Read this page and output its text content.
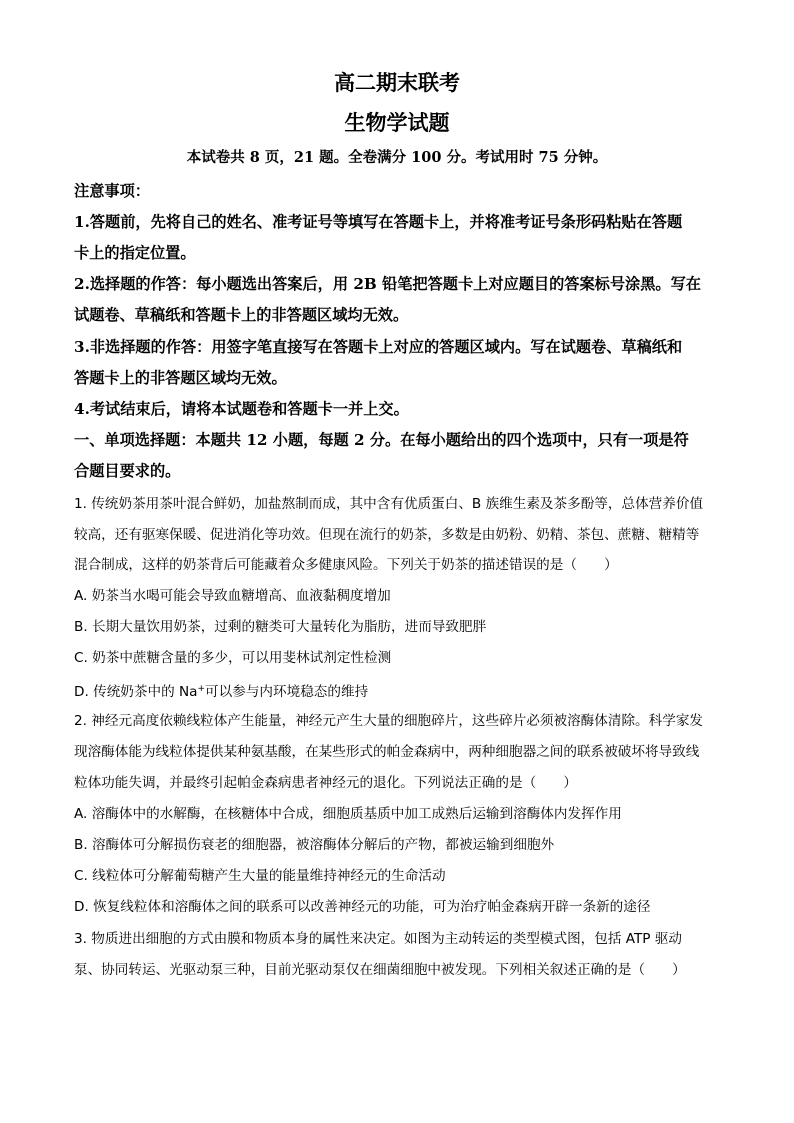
高二期末联考
生物学试题
本试卷共 8 页，21 题。全卷满分 100 分。考试用时 75 分钟。
注意事项：
1.答题前，先将自己的姓名、准考证号等填写在答题卡上，并将准考证号条形码粘贴在答题
卡上的指定位置。
2.选择题的作答：每小题选出答案后，用 2B 铅笔把答题卡上对应题目的答案标号涂黑。写在
试题卷、草稿纸和答题卡上的非答题区域均无效。
3.非选择题的作答：用签字笔直接写在答题卡上对应的答题区域内。写在试题卷、草稿纸和
答题卡上的非答题区域均无效。
4.考试结束后，请将本试题卷和答题卡一并上交。
一、单项选择题：本题共 12 小题，每题 2 分。在每小题给出的四个选项中，只有一项是符
合题目要求的。
1. 传统奶茶用茶叶混合鲜奶，加盐熬制而成，其中含有优质蛋白、B 族维生素及茶多酚等，总体营养价值
较高，还有驱寒保暖、促进消化等功效。但现在流行的奶茶，多数是由奶粉、奶精、茶包、蔗糖、糖精等
混合制成，这样的奶茶背后可能藏着众多健康风险。下列关于奶茶的描述错误的是（　　）
A. 奶茶当水喝可能会导致血糖增高、血液黏稠度增加
B. 长期大量饮用奶茶，过剩的糖类可大量转化为脂肪，进而导致肥胖
C. 奶茶中蔗糖含量的多少，可以用斐林试剂定性检测
D. 传统奶茶中的 Na+可以参与内环境稳态的维持
2. 神经元高度依赖线粒体产生能量，神经元产生大量的细胞碎片，这些碎片必须被溶酶体清除。科学家发
现溶酶体能为线粒体提供某种氨基酸，在某些形式的帕金森病中，两种细胞器之间的联系被破坏将导致线
粒体功能失调，并最终引起帕金森病患者神经元的退化。下列说法正确的是（　　）
A. 溶酶体中的水解酶，在核糖体中合成，细胞质基质中加工成熟后运输到溶酶体内发挥作用
B. 溶酶体可分解损伤衰老的细胞器，被溶酶体分解后的产物，都被运输到细胞外
C. 线粒体可分解葡萄糖产生大量的能量维持神经元的生命活动
D. 恢复线粒体和溶酶体之间的联系可以改善神经元的功能，可为治疗帕金森病开辟一条新的途径
3. 物质进出细胞的方式由膜和物质本身的属性来决定。如图为主动转运的类型模式图，包括 ATP 驱动
泵、协同转运、光驱动泵三种，目前光驱动泵仅在细菌细胞中被发现。下列相关叙述正确的是（　　）
